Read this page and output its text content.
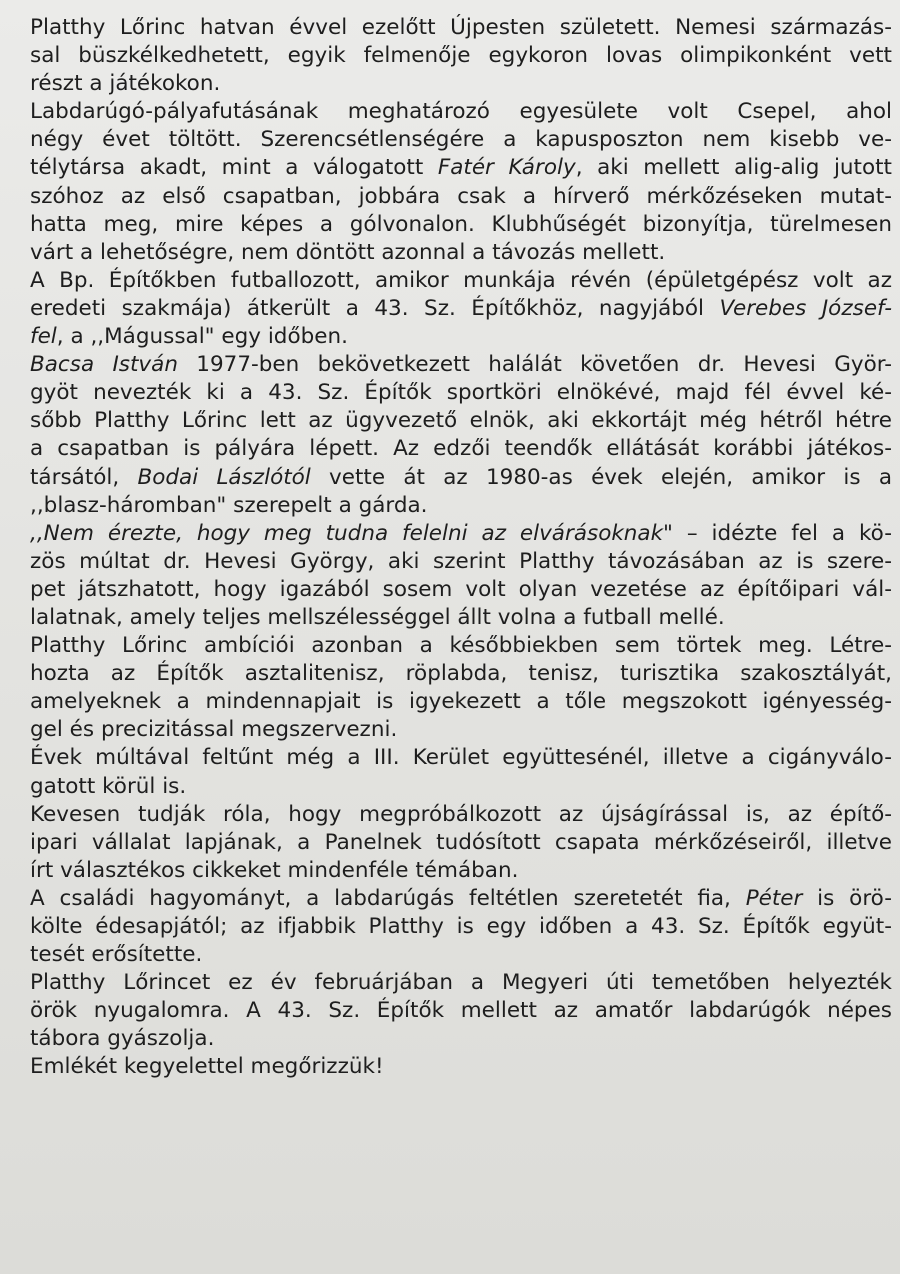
Platthy Lőrinc hatvan évvel ezelőtt Újpesten született. Nemesi származás-
sal büszkélkedhetett, egyik felmenője egykoron lovas olimpikonként vett
részt a játékokon.
Labdarúgó-pályafutásának meghatározó egyesülete volt Csepel, ahol
négy évet töltött. Szerencsétlenségére a kapusposzton nem kisebb ve-
télytársa akadt, mint a válogatott Fatér Károly, aki mellett alig-alig jutott
szóhoz az első csapatban, jobbára csak a hírverő mérkőzéseken mutat-
hatta meg, mire képes a gólvonalon. Klubhűségét bizonyítja, türelmesen
várt a lehetőségre, nem döntött azonnal a távozás mellett.
A Bp. Építőkben futballozott, amikor munkája révén (épületgépész volt az
eredeti szakmája) átkerült a 43. Sz. Építőkhöz, nagyjából Verebes József-
fel, a ,,Mágussal" egy időben.
Bacsa István 1977-ben bekövetkezett halálát követően dr. Hevesi Györ-
gyöt nevezték ki a 43. Sz. Építők sportköri elnökévé, majd fél évvel ké-
sőbb Platthy Lőrinc lett az ügyvezető elnök, aki ekkortájt még hétről hétre
a csapatban is pályára lépett. Az edzői teendők ellátását korábbi játékos-
társától, Bodai Lászlótól vette át az 1980-as évek elején, amikor is a
,,blasz-háromban" szerepelt a gárda.
,,Nem érezte, hogy meg tudna felelni az elvárásoknak" – idézte fel a kö-
zös múltat dr. Hevesi György, aki szerint Platthy távozásában az is szere-
pet játszhatott, hogy igazából sosem volt olyan vezetése az építőipari vál-
lalatnak, amely teljes mellszélességgel állt volna a futball mellé.
Platthy Lőrinc ambíciói azonban a későbbiekben sem törtek meg. Létre-
hozta az Építők asztalitenisz, röplabda, tenisz, turisztika szakosztályát,
amelyeknek a mindennapjait is igyekezett a tőle megszokott igényesség-
gel és precizitással megszervezni.
Évek múltával feltűnt még a III. Kerület együttesénél, illetve a cigányválo-
gatott körül is.
Kevesen tudják róla, hogy megpróbálkozott az újságírással is, az építő-
ipari vállalat lapjának, a Panelnek tudósított csapata mérkőzéseiről, illetve
írt választékos cikkeket mindenféle témában.
A családi hagyományt, a labdarúgás feltétlen szeretetét fia, Péter is örö-
költe édesapjától; az ifjabbik Platthy is egy időben a 43. Sz. Építők együt-
tesét erősítette.
Platthy Lőrincet ez év februárjában a Megyeri úti temetőben helyezték
örök nyugalomra. A 43. Sz. Építők mellett az amatőr labdarúgók népes
tábora gyászolja.
Emlékét kegyelettel megőrizzük!
